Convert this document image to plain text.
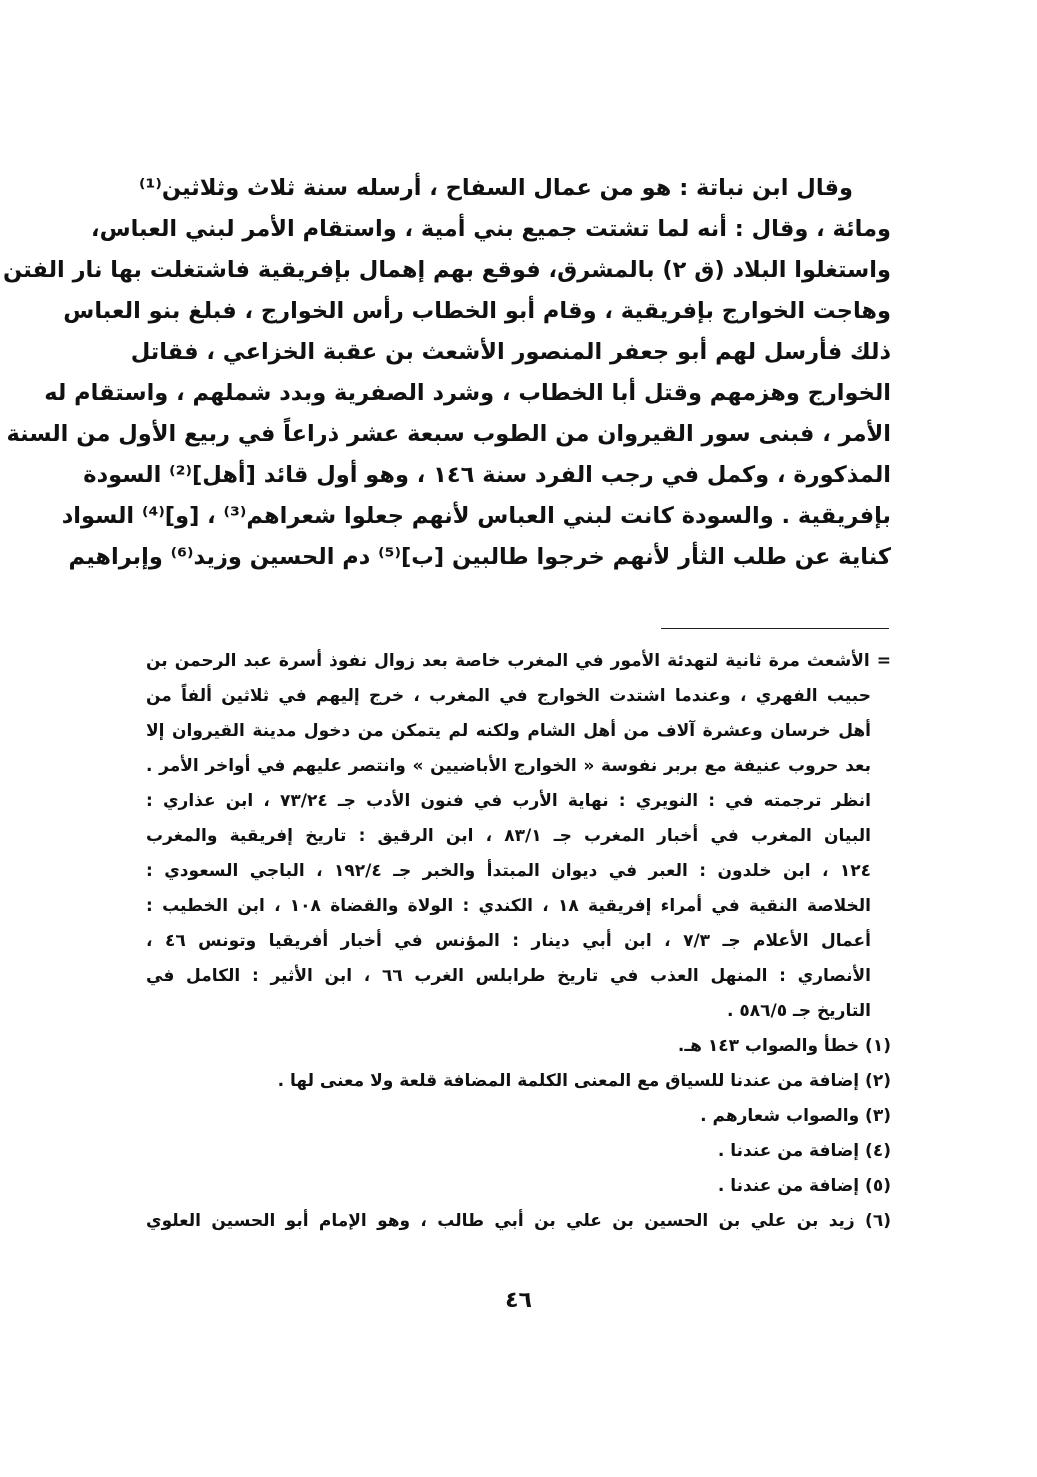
وقال ابن نباتة : هو من عمال السفاح ، أرسله سنة ثلاث وثلاثين⁽¹⁾
ومائة ، وقال : أنه لما تشتت جميع بني أمية ، واستقام الأمر لبني العباس،
واستغلوا البلاد (ق ٢) بالمشرق، فوقع بهم إهمال بإفريقية فاشتغلت بها نار الفتن
وهاجت الخوارج بإفريقية ، وقام أبو الخطاب رأس الخوارج ، فبلغ بنو العباس
ذلك فأرسل لهم أبو جعفر المنصور الأشعث بن عقبة الخزاعي ، فقاتل
الخوارج وهزمهم وقتل أبا الخطاب ، وشرد الصفرية وبدد شملهم ، واستقام له
الأمر ، فبنى سور القيروان من الطوب سبعة عشر ذراعاً في ربيع الأول من السنة
المذكورة ، وكمل في رجب الفرد سنة ١٤٦ ، وهو أول قائد [أهل]⁽²⁾ السودة
بإفريقية . والسودة كانت لبني العباس لأنهم جعلوا شعراهم⁽³⁾ ، [و]⁽⁴⁾ السواد
كناية عن طلب الثأر لأنهم خرجوا طالبين [ب]⁽⁵⁾ دم الحسين وزيد⁽⁶⁾ وإبراهيم
= الأشعث مرة ثانية لتهدئة الأمور في المغرب خاصة بعد زوال نفوذ أسرة عبد الرحمن بن
حبيب الفهري ، وعندما اشتدت الخوارج في المغرب ، خرج إليهم في ثلاثين ألفاً من
أهل خرسان وعشرة آلاف من أهل الشام ولكنه لم يتمكن من دخول مدينة القيروان إلا
بعد حروب عنيفة مع بربر نفوسة « الخوارج الأباضيين » وانتصر عليهم في أواخر الأمر .
انظر ترجمته في : النويري : نهاية الأرب في فنون الأدب جـ ٧٣/٢٤ ، ابن عذاري :
البيان المغرب في أخبار المغرب جـ ٨٣/١ ، ابن الرقيق : تاريخ إفريقية والمغرب
١٢٤ ، ابن خلدون : العبر في ديوان المبتدأ والخبر جـ ١٩٢/٤ ، الباجي السعودي :
الخلاصة النقية في أمراء إفريقية ١٨ ، الكندي : الولاة والقضاة ١٠٨ ، ابن الخطيب :
أعمال الأعلام جـ ٧/٣ ، ابن أبي دينار : المؤنس في أخبار أفريقيا وتونس ٤٦ ،
الأنصاري : المنهل العذب في تاريخ طرابلس الغرب ٦٦ ، ابن الأثير : الكامل في
التاريخ جـ ٥٨٦/٥ .
(١) خطأ والصواب ١٤٣ هـ.
(٢) إضافة من عندنا للسياق مع المعنى الكلمة المضافة قلعة ولا معنى لها .
(٣) والصواب شعارهم .
(٤) إضافة من عندنا .
(٥) إضافة من عندنا .
(٦) زيد بن علي بن الحسين بن علي بن أبي طالب ، وهو الإمام أبو الحسين العلوي
٤٦
